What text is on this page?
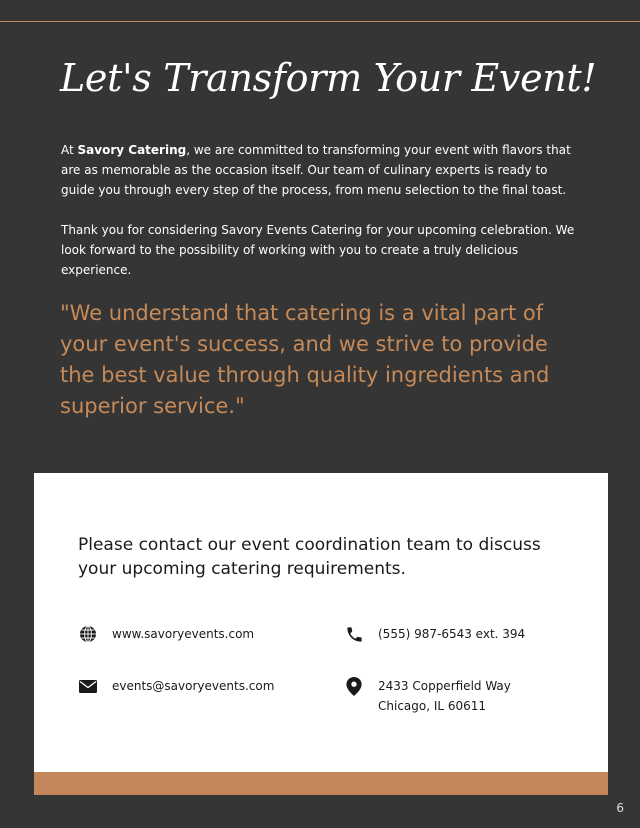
Let's Transform Your Event!

At Savory Catering, we are committed to transforming your event with flavors that are as memorable as the occasion itself. Our team of culinary experts is ready to guide you through every step of the process, from menu selection to the final toast.

Thank you for considering Savory Events Catering for your upcoming celebration. We look forward to the possibility of working with you to create a truly delicious experience.

"We understand that catering is a vital part of your event's success, and we strive to provide the best value through quality ingredients and superior service."

Please contact our event coordination team to discuss your upcoming catering requirements.

www.savoryevents.com	(555) 987-6543 ext. 394
events@savoryevents.com	2433 Copperfield Way
Chicago, IL 60611
6
